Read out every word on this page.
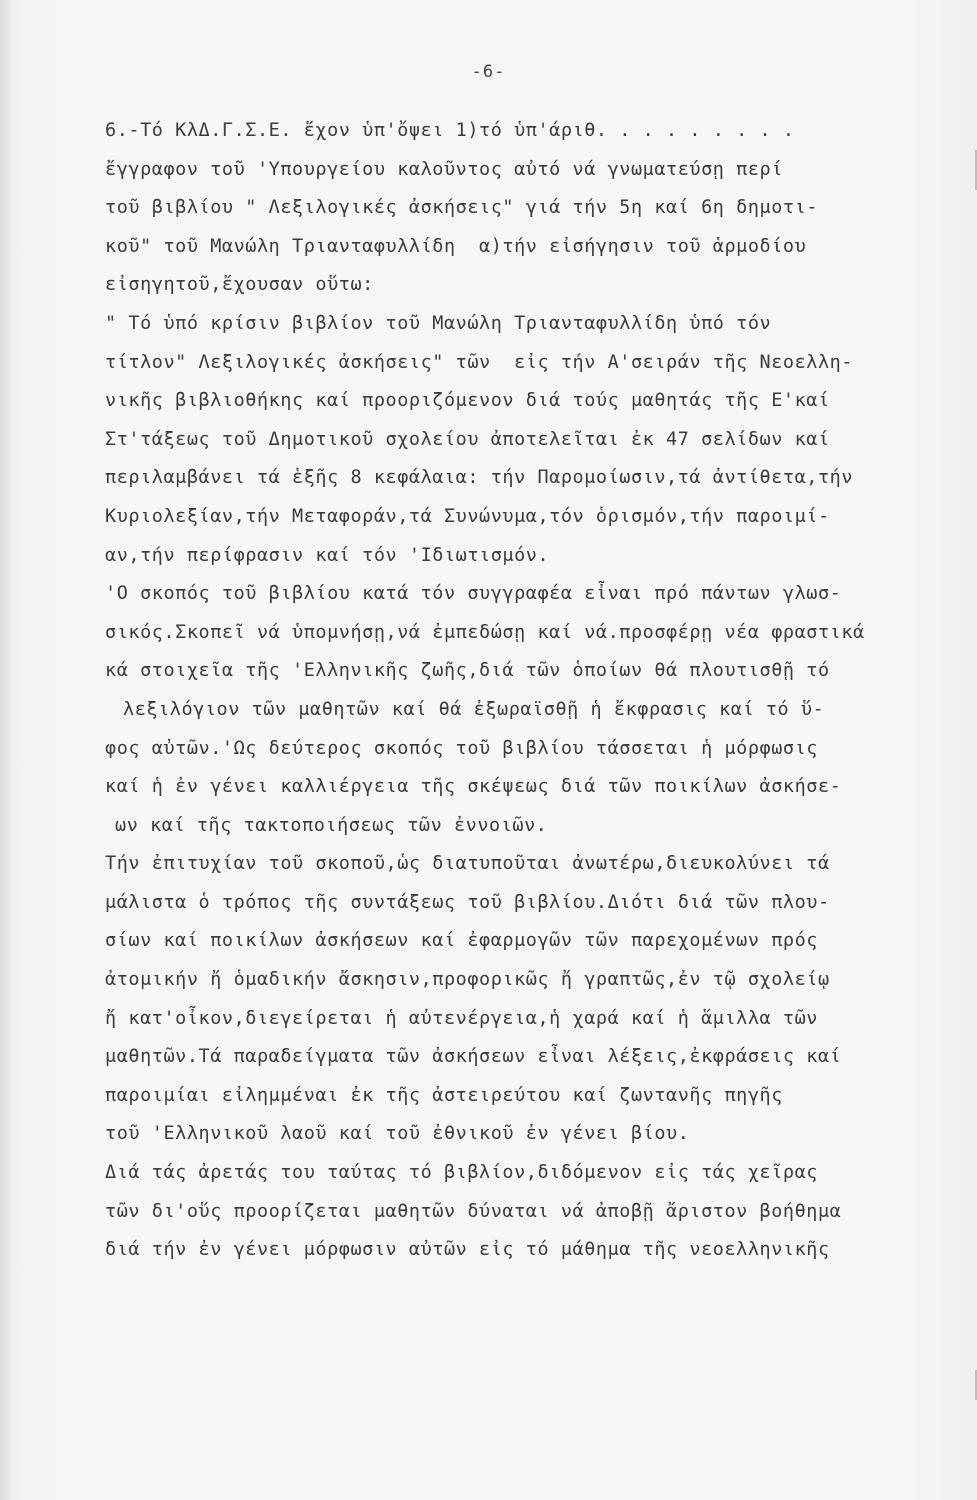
-6-
6.-Τό ΚλΔ.Γ.Σ.Ε. ἔχον ὑπ'ὄψει 1)τό ὑπ'άριθ. . . . . . . . .
ἔγγραφον τοῦ 'Υπουργείου καλοῦντος αὐτό νά γνωματεύσῃ περί
τοῦ βιβλίου " Λεξιλογικές ἀσκήσεις" γιά τήν 5η καί 6η δημοτι-
κοῦ" τοῦ Μανώλη Τριανταφυλλίδη  α)τήν εἰσήγησιν τοῦ ἁρμοδίου
εἰσηγητοῦ,ἔχουσαν οὕτω:
" Τό ὑπό κρίσιν βιβλίον τοῦ Μανώλη Τριανταφυλλίδη ὑπό τόν
τίτλον" Λεξιλογικές ἀσκήσεις" τῶν  εἰς τήν Α'σειράν τῆς Νεοελλη-
νικῆς βιβλιοθήκης καί προοριζόμενον διά τούς μαθητάς τῆς Ε'καί
Στ'τάξεως τοῦ Δημοτικοῦ σχολείου ἀποτελεῖται ἐκ 47 σελίδων καί
περιλαμβάνει τά ἑξῆς 8 κεφάλαια: τήν Παρομοίωσιν,τά ἀντίθετα,τήν
Κυριολεξίαν,τήν Μεταφοράν,τά Συνώνυμα,τόν ὁρισμόν,τήν παροιμί-
αν,τήν περίφρασιν καί τόν 'Ιδιωτισμόν.
'Ο σκοπός τοῦ βιβλίου κατά τόν συγγραφέα εἶναι πρό πάντων γλωσ-
σικός.Σκοπεῖ νά ὑπομνήσῃ,νά ἐμπεδώσῃ καί νά.προσφέρῃ νέα φραστικά
κά στοιχεῖα τῆς 'Ελληνικῆς ζωῆς,διά τῶν ὁποίων θά πλουτισθῇ τό
λεξιλόγιον τῶν μαθητῶν καί θά ἐξωραϊσθῇ ἡ ἔκφρασις καί τό ὕ-
φος αὐτῶν.'Ως δεύτερος σκοπός τοῦ βιβλίου τάσσεται ἡ μόρφωσις
καί ἡ ἐν γένει καλλιέργεια τῆς σκέψεως διά τῶν ποικίλων ἀσκήσε-
ων καί τῆς τακτοποιήσεως τῶν ἐννοιῶν.
Τήν ἐπιτυχίαν τοῦ σκοποῦ,ὡς διατυποῦται ἀνωτέρω,διευκολύνει τά
μάλιστα ὁ τρόπος τῆς συντάξεως τοῦ βιβλίου.Διότι διά τῶν πλου-
σίων καί ποικίλων ἀσκήσεων καί ἐφαρμογῶν τῶν παρεχομένων πρός
ἀτομικήν ἤ ὁμαδικήν ἄσκησιν,προφορικῶς ἤ γραπτῶς,ἐν τῷ σχολείῳ
ἤ κατ'οἶκον,διεγείρεται ἡ αὐτενέργεια,ἡ χαρά καί ἡ ἅμιλλα τῶν
μαθητῶν.Τά παραδείγματα τῶν ἀσκήσεων εἶναι λέξεις,ἐκφράσεις καί
παροιμίαι εἰλημμέναι ἐκ τῆς ἀστειρεύτου καί ζωντανῆς πηγῆς
τοῦ 'Ελληνικοῦ λαοῦ καί τοῦ ἐθνικοῦ ἐν γένει βίου.
Διά τάς ἀρετάς του ταύτας τό βιβλίον,διδόμενον εἰς τάς χεῖρας
τῶν δι'οὕς προορίζεται μαθητῶν δύναται νά ἀποβῇ ἄριστον βοήθημα
διά τήν ἐν γένει μόρφωσιν αὐτῶν εἰς τό μάθημα τῆς νεοελληνικῆς
